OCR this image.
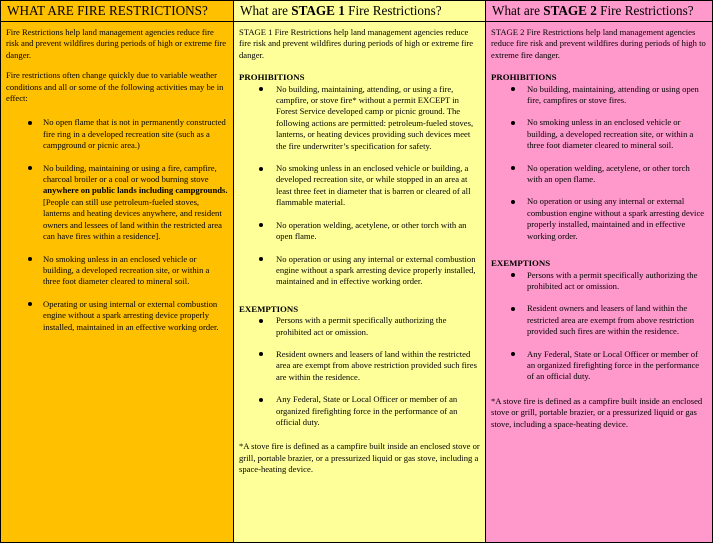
WHAT ARE FIRE RESTRICTIONS?

Fire Restrictions help land management agencies reduce fire risk and prevent wildfires during periods of high or extreme fire danger.

Fire restrictions often change quickly due to variable weather conditions and all or some of the following activities may be in effect:

No open flame that is not in permanently constructed fire ring in a developed recreation site (such as a campground or picnic area.)
No building, maintaining or using a fire, campfire, charcoal broiler or a coal or wood burning stove anywhere on public lands including campgrounds. [People can still use petroleum-fueled stoves, lanterns and heating devices anywhere, and resident owners and lessees of land within the restricted area can have fires within a residence].
No smoking unless in an enclosed vehicle or building, a developed recreation site, or within a three foot diameter cleared to mineral soil.
Operating or using internal or external combustion engine without a spark arresting device properly installed, maintained in an effective working order.
What are STAGE 1 Fire Restrictions?

STAGE 1 Fire Restrictions help land management agencies reduce fire risk and prevent wildfires during periods of high or extreme fire danger.

PROHIBITIONS
No building, maintaining, attending, or using a fire, campfire, or stove fire* without a permit EXCEPT in Forest Service developed camp or picnic ground. The following actions are permitted: petroleum-fueled stoves, lanterns, or heating devices providing such devices meet the fire underwriter’s specification for safety.
No smoking unless in an enclosed vehicle or building, a developed recreation site, or while stopped in an area at least three feet in diameter that is barren or cleared of all flammable material.
No operation welding, acetylene, or other torch with an open flame.
No operation or using any internal or external combustion engine without a spark arresting device properly installed, maintained and in effective working order.
EXEMPTIONS
Persons with a permit specifically authorizing the prohibited act or omission.
Resident owners and leasers of land within the restricted area are exempt from above restriction provided such fires are within the residence.
Any Federal, State or Local Officer or member of an organized firefighting force in the performance of an official duty.

*A stove fire is defined as a campfire built inside an enclosed stove or grill, portable brazier, or a pressurized liquid or gas stove, including a space-heating device.

What are STAGE 2 Fire Restrictions?

STAGE 2 Fire Restrictions help land management agencies reduce fire risk and prevent wildfires during periods of high to extreme fire danger.

PROHIBITIONS
No building, maintaining, attending or using open fire, campfires or stove fires.
No smoking unless in an enclosed vehicle or building, a developed recreation site, or within a three foot diameter cleared to mineral soil.
No operation welding, acetylene, or other torch with an open flame.
No operation or using any internal or external combustion engine without a spark arresting device properly installed, maintained and in effective working order.
EXEMPTIONS
Persons with a permit specifically authorizing the prohibited act or omission.
Resident owners and leasers of land within the restricted area are exempt from above restriction provided such fires are within the residence.
Any Federal, State or Local Officer or member of an organized firefighting force in the performance of an official duty.

*A stove fire is defined as a campfire built inside an enclosed stove or grill, portable brazier, or a pressurized liquid or gas stove, including a space-heating device.
